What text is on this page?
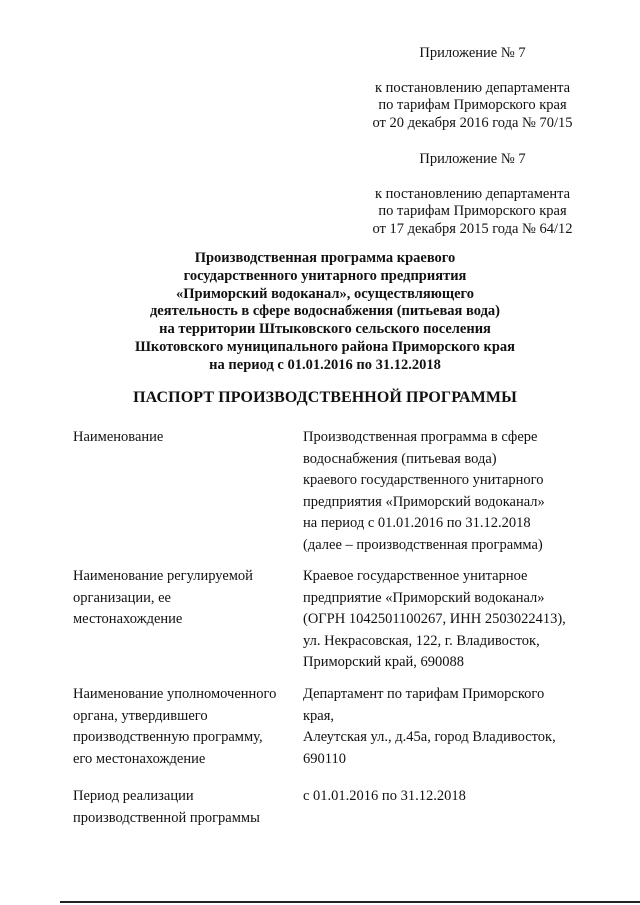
Приложение № 7
к постановлению департамента
по тарифам Приморского края
от 20 декабря 2016 года № 70/15
Приложение № 7
к постановлению департамента
по тарифам Приморского края
от 17 декабря 2015 года № 64/12
Производственная программа краевого
государственного унитарного предприятия
«Приморский водоканал», осуществляющего
деятельность в сфере водоснабжения (питьевая вода)
на территории Штыковского сельского поселения
Шкотовского муниципального района Приморского края
на период с 01.01.2016 по 31.12.2018
ПАСПОРТ ПРОИЗВОДСТВЕННОЙ ПРОГРАММЫ
Наименование	Производственная программа в сфере
водоснабжения (питьевая вода)
краевого государственного унитарного
предприятия «Приморский водоканал»
на период с 01.01.2016 по 31.12.2018
(далее – производственная программа)
Наименование регулируемой
организации, ее
местонахождение
Краевое государственное унитарное
предприятие «Приморский водоканал»
(ОГРН 1042501100267, ИНН 2503022413),
ул. Некрасовская, 122, г. Владивосток,
Приморский край, 690088
Наименование уполномоченного
органа, утвердившего
производственную программу,
его местонахождение
Департамент по тарифам Приморского
края,
Алеутская ул., д.45а, город Владивосток,
690110
Период реализации
производственной программы
с 01.01.2016 по 31.12.2018
